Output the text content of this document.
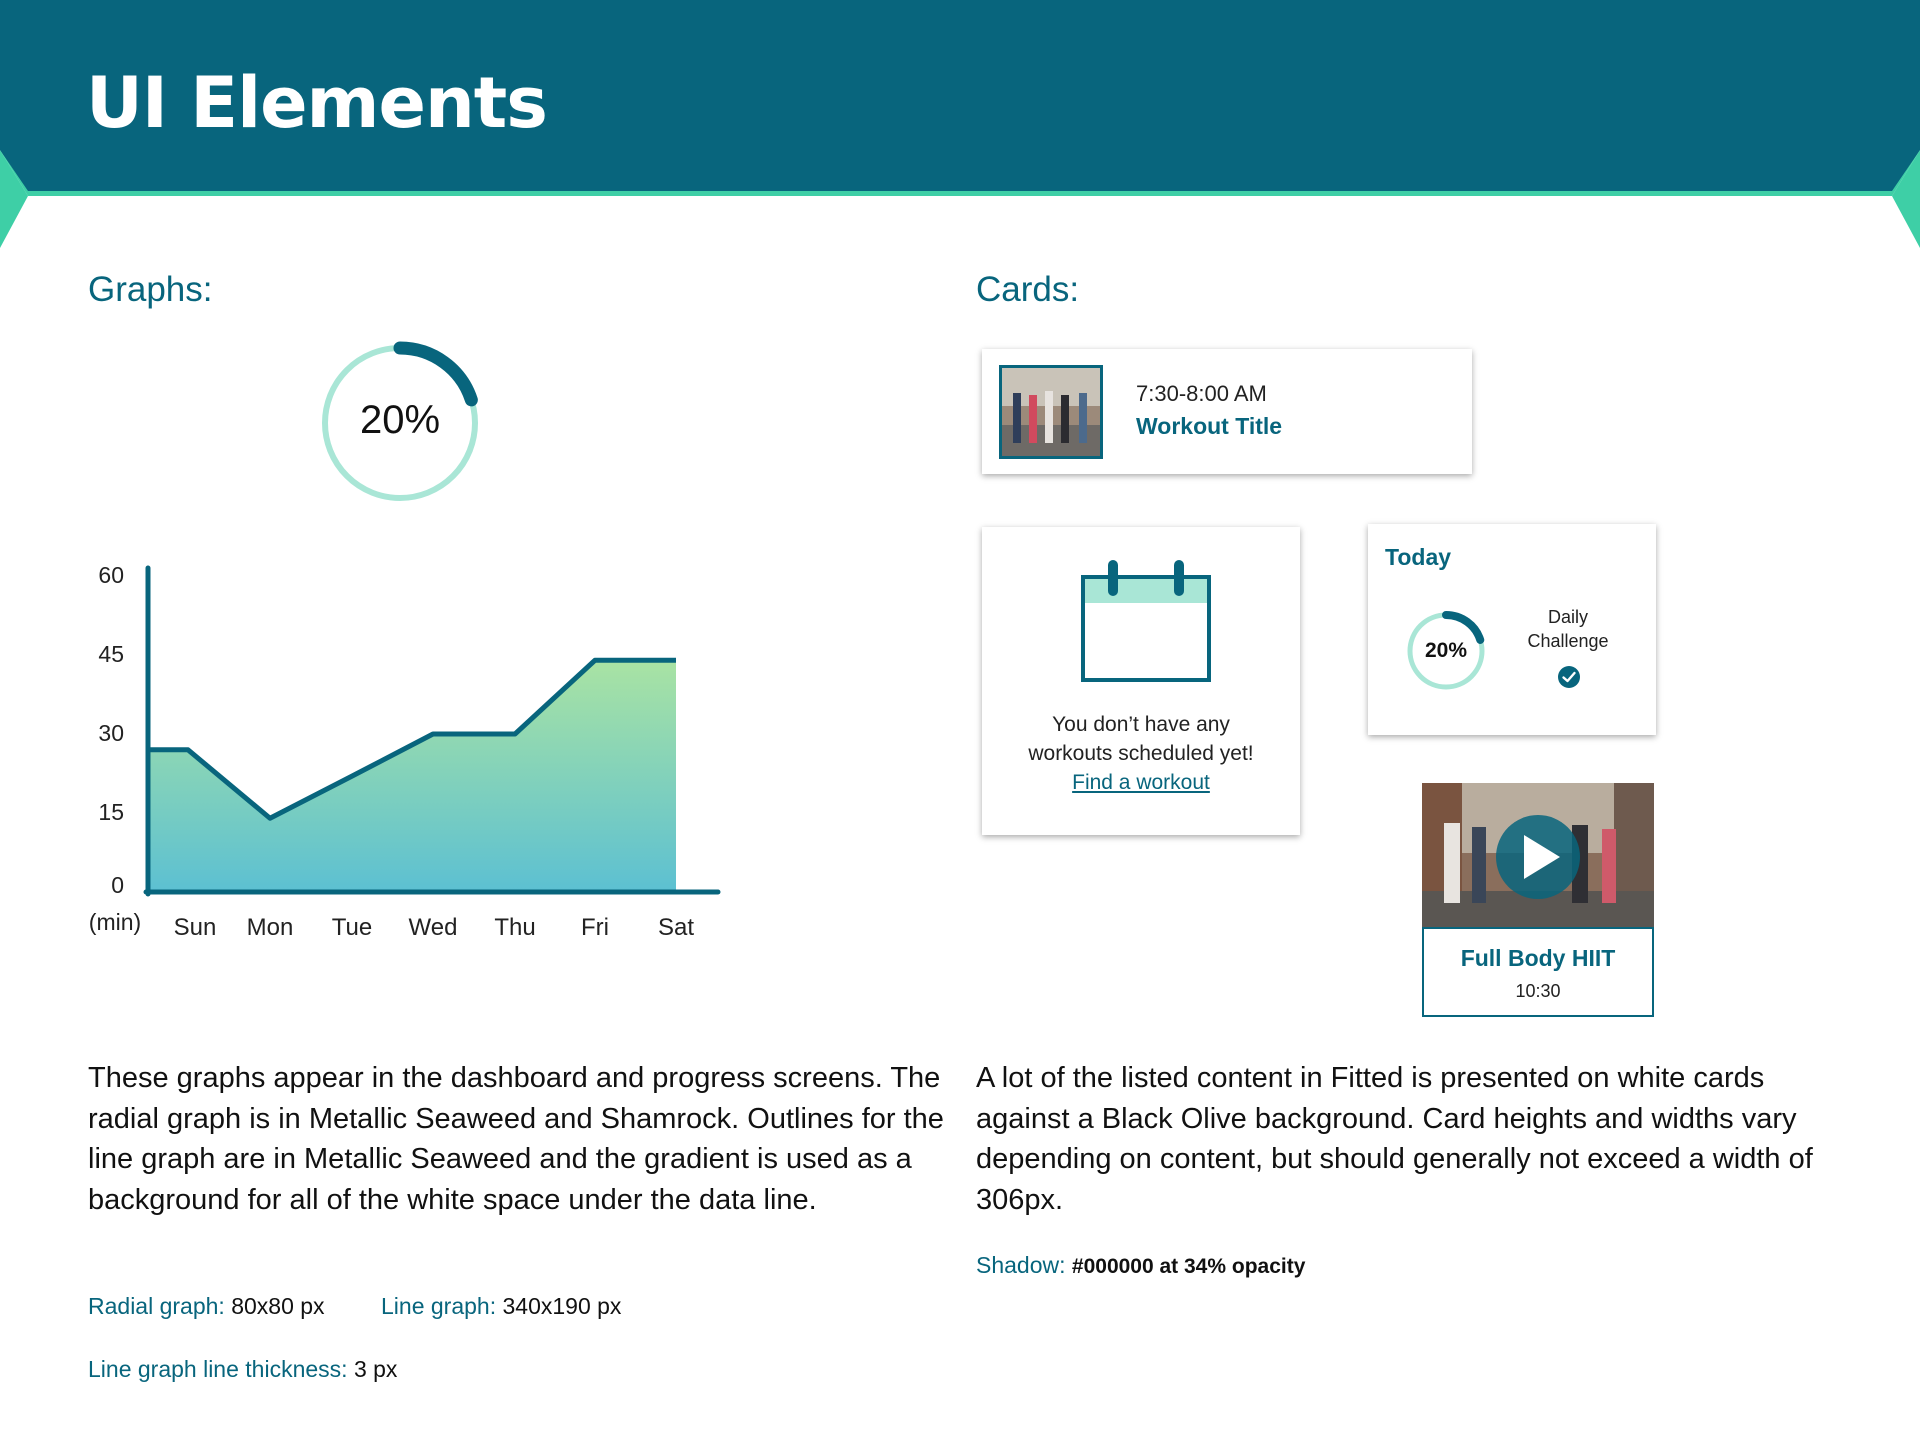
UI Elements
Graphs:
20%
60
45
30
15
0
(min)	Sun	Mon	Tue	Wed	Thu	Fri	Sat

These graphs appear in the dashboard and progress screens. The radial graph is in Metallic Seaweed and Shamrock. Outlines for the line graph are in Metallic Seaweed and the gradient is used as a background for all of the white space under the data line.

Radial graph: 80x80 px Line graph: 340x190 px
Line graph line thickness: 3 px
Cards:
7:30-8:00 AM
Workout Title
You don’t have any
workouts scheduled yet!
Find a workout
Today
20%
Daily
Challenge
Full Body HIIT
10:30

A lot of the listed content in Fitted is presented on white cards against a Black Olive background. Card heights and widths vary depending on content, but should generally not exceed a width of 306px.

Shadow: #000000 at 34% opacity
